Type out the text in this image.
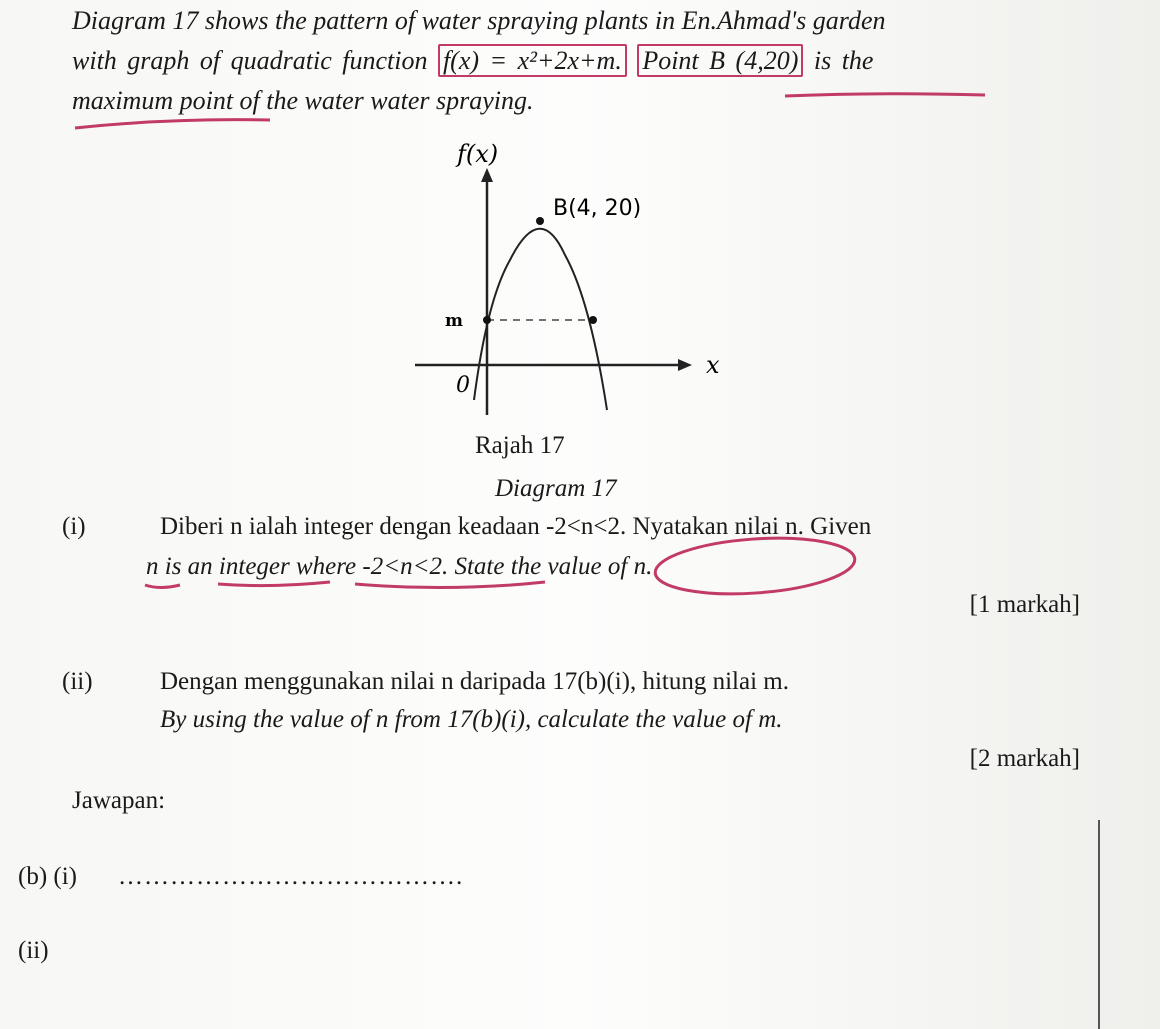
Diagram 17 shows the pattern of water spraying plants in En.Ahmad's garden
with graph of quadratic function f(x) = x²+2x+m. Point B (4,20) is the
maximum point of the water water spraying.
f(x)
x
B(4, 20)
m
0
Rajah 17
Diagram 17
(i)	Diberi n ialah integer dengan keadaan -2<n<2. Nyatakan nilai n. Given
n is an integer where -2<n<2. State the value of n.
[1 markah]
(ii)	Dengan menggunakan nilai n daripada 17(b)(i), hitung nilai m.
By using the value of n from 17(b)(i), calculate the value of m.
[2 markah]
Jawapan:
(b) (i) ………………………………….
(ii)
